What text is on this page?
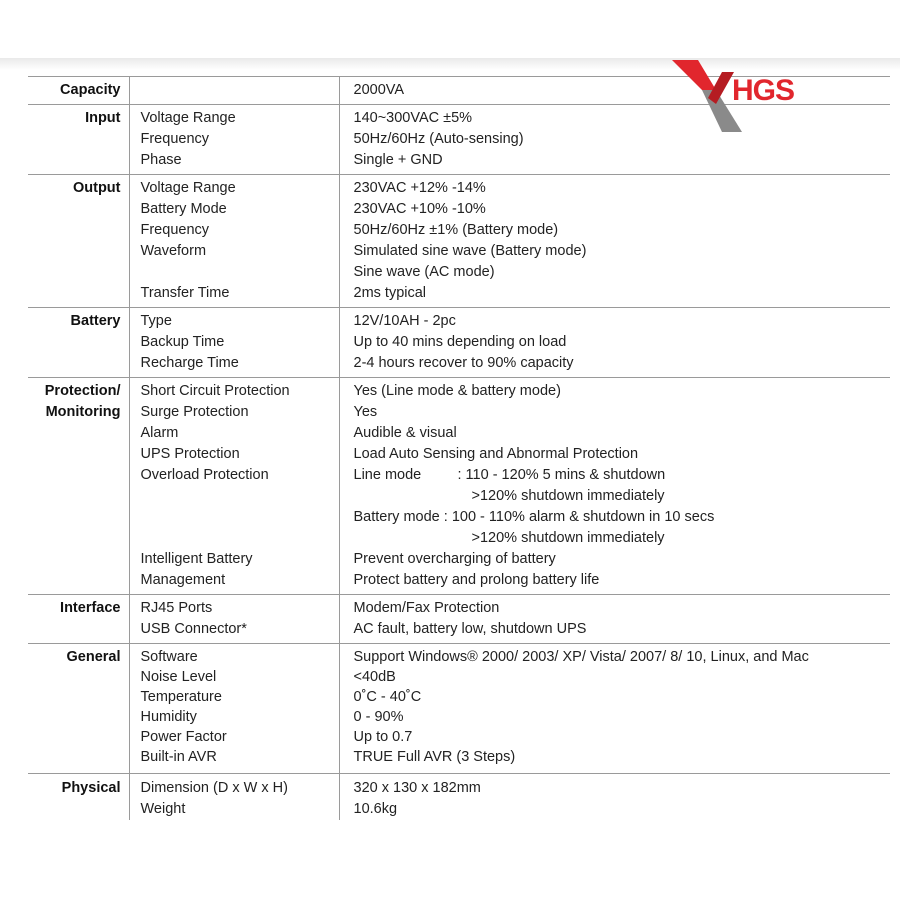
Capacity		2000VA
Input	Voltage Range	140~300VAC ±5%
	Frequency	50Hz/60Hz (Auto-sensing)
	Phase	Single + GND
Output	Voltage Range	230VAC +12% -14%
	Battery Mode	230VAC +10% -10%
	Frequency	50Hz/60Hz ±1% (Battery mode)
	Waveform	Simulated sine wave (Battery mode)
		Sine wave (AC mode)
	Transfer Time	2ms typical
Battery	Type	12V/10AH - 2pc
	Backup Time	Up to 40 mins depending on load
	Recharge Time	2-4 hours recover to 90% capacity
Protection/	Short Circuit Protection	Yes (Line mode & battery mode)
Monitoring	Surge Protection	Yes
	Alarm	Audible & visual
	UPS Protection	Load Auto Sensing and Abnormal Protection
	Overload Protection	Line mode : 110 - 120% 5 mins & shutdown
		>120% shutdown immediately
		Battery mode : 100 - 110% alarm & shutdown in 10 secs
		>120% shutdown immediately
	Intelligent Battery	Prevent overcharging of battery
	Management	Protect battery and prolong battery life
Interface	RJ45 Ports	Modem/Fax Protection
	USB Connector*	AC fault, battery low, shutdown UPS
General	Software	Support Windows® 2000/ 2003/ XP/ Vista/ 2007/ 8/ 10, Linux, and Mac
	Noise Level	<40dB
	Temperature	0˚C - 40˚C
	Humidity	0 - 90%
	Power Factor	Up to 0.7
	Built-in AVR	TRUE Full AVR (3 Steps)
Physical	Dimension (D x W x H)	320 x 130 x 182mm
	Weight	10.6kg
HGS
